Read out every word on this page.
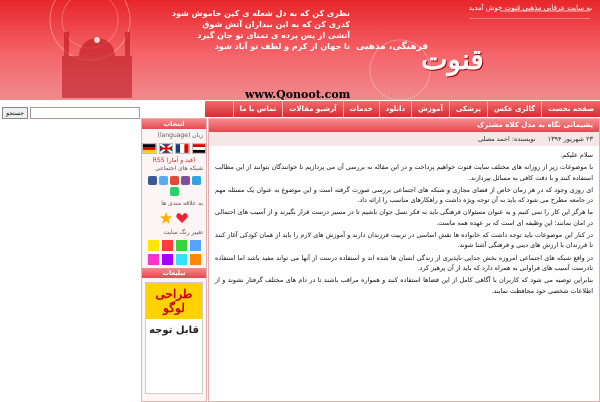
به سایت عرفانی مذهبی قنوت خوش آمدید
نظری کن که به دل شعله ی کین خاموش شود
کدری کن که به این بیداران آتش شوق
آتشی از پس پرده ی تمنای تو جان گیرد
تا جهان از کرم و لطف تو آباد شود فرهنگی، مذهبی
قنوت
www.Qonoot.com
جستجو
صفحه نخست
گالری عکس
پزشکی
آموزش
دانلود
خدمات
آرشیو مقالات
تماس با ما
انتخاب
زبان (language)
RSS (فید و آمار)
شبکه های اجتماعی
به علاقه مندی ها
تغییر رنگ سایت
تبلیغات
طراحی لوگو
قابل توجه
پشیمانی نگاه به مدل کلاه مشترک
۲۳ شهریور ۱۳۹۴
نویسنده: احمد مصلی

سلام علیکم.

با موضوعات زیر از روزانه های مختلف سایت قنوت خواهیم پرداخت و در این مقاله به بررسی آن می پردازیم تا خوانندگان بتوانند از این مطالب استفاده کنند و با دقت کافی به مسائل بپردازند.

ای روزی وجود که در هر زمان خاص از فضای مجازی و شبکه های اجتماعی بررسی صورت گرفته است و این موضوع به عنوان یک مسئله مهم در جامعه مطرح می شود که باید به آن توجه ویژه داشت و راهکارهای مناسب را ارائه داد.

ما هرگز این کار را نمی کنیم و به عنوان مسئولان فرهنگی باید به فکر نسل جوان باشیم تا در مسیر درست قرار بگیرند و از آسیب های احتمالی در امان بمانند؛ این وظیفه ای است که بر عهده همه ماست.

در کنار این موضوعات باید توجه داشت که خانواده ها نقش اساسی در تربیت فرزندان دارند و آموزش های لازم را باید از همان کودکی آغاز کنند تا فرزندان با ارزش های دینی و فرهنگی آشنا شوند.

در واقع شبکه های اجتماعی امروزه بخش جدایی ناپذیری از زندگی انسان ها شده اند و استفاده درست از آنها می تواند مفید باشد اما استفاده نادرست آسیب های فراوانی به همراه دارد که باید از آن پرهیز کرد.

بنابراین توصیه می شود که کاربران با آگاهی کامل از این فضاها استفاده کنند و همواره مراقب باشند تا در دام های مختلف گرفتار نشوند و از اطلاعات شخصی خود محافظت نمایند.
